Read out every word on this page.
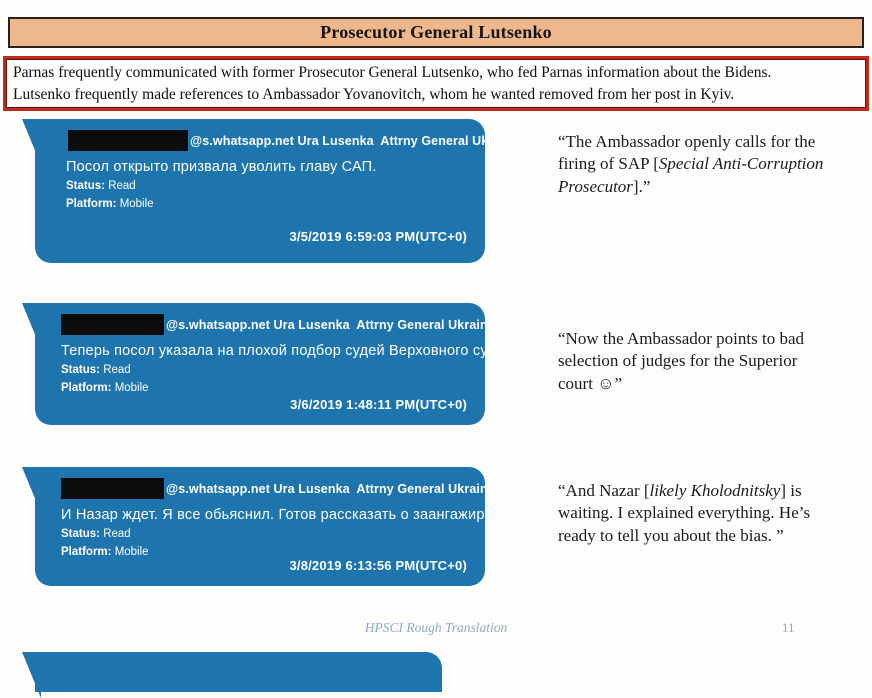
Prosecutor General Lutsenko
Parnas frequently communicated with former Prosecutor General Lutsenko, who fed Parnas information about the Bidens.
Lutsenko frequently made references to Ambassador Yovanovitch, whom he wanted removed from her post in Kyiv.
@s.whatsapp.net Ura Lusenka  Attrny General Ukraine
Посол открыто призвала уволить главу САП.
Status: Read
Platform: Mobile
3/5/2019 6:59:03 PM(UTC+0)
“The Ambassador openly calls for the firing of SAP [Special Anti-Corruption Prosecutor].”
@s.whatsapp.net Ura Lusenka  Attrny General Ukraine
Теперь посол указала на плохой подбор судей Верховного суда:)
Status: Read
Platform: Mobile
3/6/2019 1:48:11 PM(UTC+0)
“Now the Ambassador points to bad selection of judges for the Superior court ☺”
@s.whatsapp.net Ura Lusenka  Attrny General Ukraine
И Назар ждет. Я все обьяснил. Готов рассказать о заангажированности
Status: Read
Platform: Mobile
3/8/2019 6:13:56 PM(UTC+0)
“And Nazar [likely Kholodnitsky] is waiting. I explained everything. He’s ready to tell you about the bias. ”
HPSCI Rough Translation	11
